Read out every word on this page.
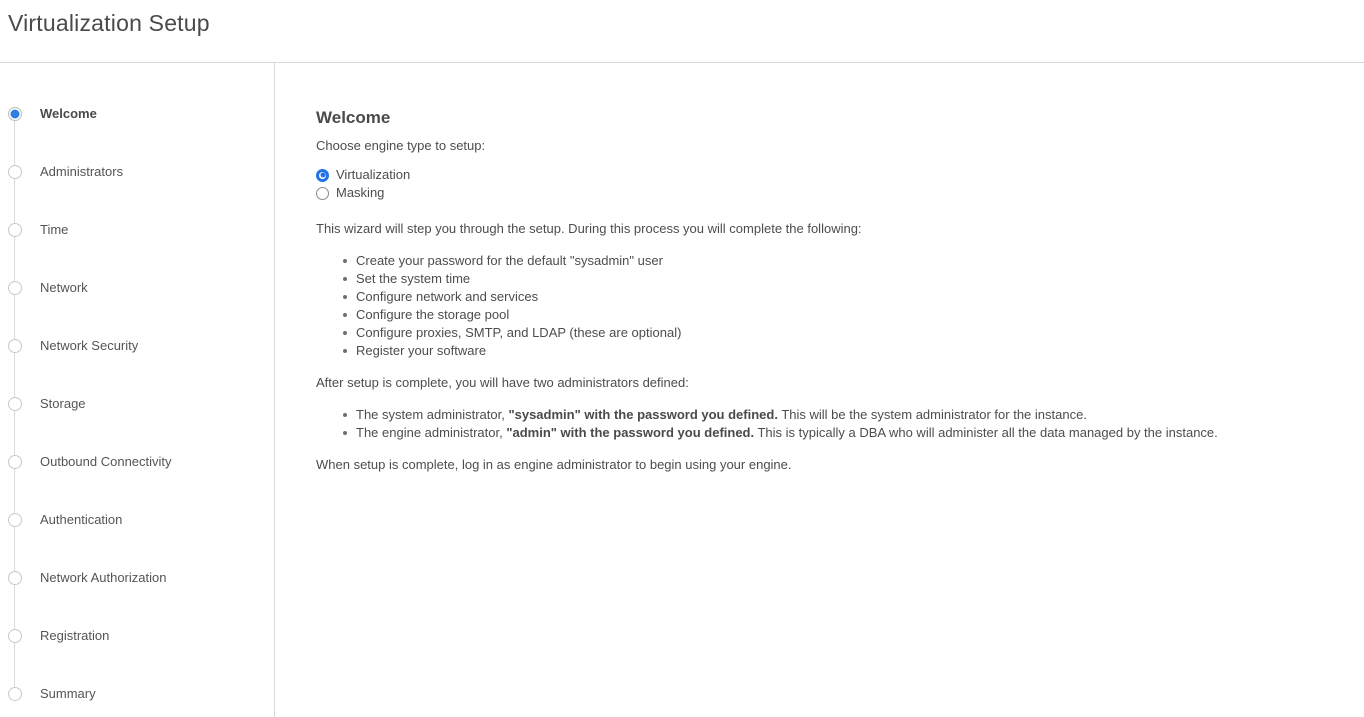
Virtualization Setup
Welcome
Administrators
Time
Network
Network Security
Storage
Outbound Connectivity
Authentication
Network Authorization
Registration
Summary
Welcome
Choose engine type to setup:
Virtualization
Masking
This wizard will step you through the setup. During this process you will complete the following:
Create your password for the default "sysadmin" user
Set the system time
Configure network and services
Configure the storage pool
Configure proxies, SMTP, and LDAP (these are optional)
Register your software
After setup is complete, you will have two administrators defined:
The system administrator, "sysadmin" with the password you defined. This will be the system administrator for the instance.
The engine administrator, "admin" with the password you defined. This is typically a DBA who will administer all the data managed by the instance.
When setup is complete, log in as engine administrator to begin using your engine.
